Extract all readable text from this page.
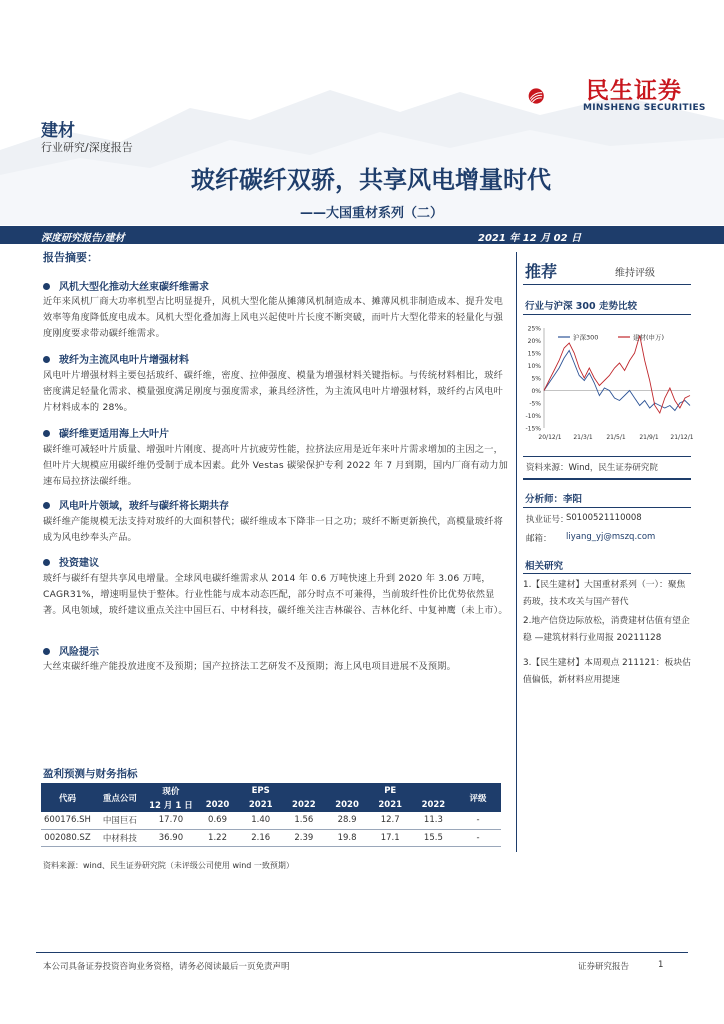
民生证券
MINSHENG SECURITIES
建材
行业研究/深度报告
玻纤碳纤双骄，共享风电增量时代
——大国重材系列（二）
深度研究报告/建材	2021 年 12 月 02 日
报告摘要：
风机大型化推动大丝束碳纤维需求
近年来风机厂商大功率机型占比明显提升，风机大型化能从摊薄风机制造成本、摊薄风机非制造成本、提升发电效率等角度降低度电成本。风机大型化叠加海上风电兴起使叶片长度不断突破，而叶片大型化带来的轻量化与强度刚度要求带动碳纤维需求。
玻纤为主流风电叶片增强材料
风电叶片增强材料主要包括玻纤、碳纤维，密度、拉伸强度、模量为增强材料关键指标。与传统材料相比，玻纤密度满足轻量化需求、模量强度满足刚度与强度需求，兼具经济性，为主流风电叶片增强材料，玻纤约占风电叶片材料成本的 28%。
碳纤维更适用海上大叶片
碳纤维可减轻叶片质量、增强叶片刚度、提高叶片抗疲劳性能，拉挤法应用是近年来叶片需求增加的主因之一，但叶片大规模应用碳纤维仍受制于成本因素。此外 Vestas 碳梁保护专利 2022 年 7 月到期，国内厂商有动力加速布局拉挤法碳纤维。
风电叶片领域，玻纤与碳纤将长期共存
碳纤维产能规模无法支持对玻纤的大面积替代；碳纤维成本下降非一日之功；玻纤不断更新换代，高模量玻纤将成为风电纱奉头产品。
投资建议
玻纤与碳纤有望共享风电增量。全球风电碳纤维需求从 2014 年 0.6 万吨快速上升到 2020 年 3.06 万吨，CAGR31%，增速明显快于整体。行业性能与成本动态匹配，部分时点不可兼得，当前玻纤性价比优势依然显著。风电领域，玻纤建议重点关注中国巨石、中材科技，碳纤维关注吉林碳谷、吉林化纤、中复神鹰（未上市）。
风险提示
大丝束碳纤维产能投放进度不及预期；国产拉挤法工艺研发不及预期；海上风电项目进展不及预期。
推荐	维持评级
行业与沪深 300 走势比较
25%
20%
15%
10%
5%
0%
-5%
-10%
-15%
20/12/1 21/3/1 21/5/1 21/9/1 21/12/1
沪深300	建材(申万)
资料来源：Wind，民生证券研究院
分析师：李阳
执业证号：
S0100521110008
邮箱： liyang_yj@mszq.com
相关研究
1.【民生建材】大国重材系列（一）：聚焦药玻，技术攻关与国产替代
2.地产信贷边际放松，消费建材估值有望企稳 —建筑材料行业周报 20211128
3.【民生建材】本周观点 211121：板块估值偏低，新材料应用提速
盈利预测与财务指标
代码	重点公司	现价	EPS			PE			评级
		12 月 1 日	2020	2021	2022	2020	2021	2022	
600176.SH	中国巨石	17.70	0.69	1.40	1.56	28.9	12.7	11.3	-
002080.SZ	中材科技	36.90	1.22	2.16	2.39	19.8	17.1	15.5	-
资料来源：wind、民生证券研究院（未评级公司使用 wind 一致预期）
本公司具备证券投资咨询业务资格，请务必阅读最后一页免责声明	证券研究报告	1
